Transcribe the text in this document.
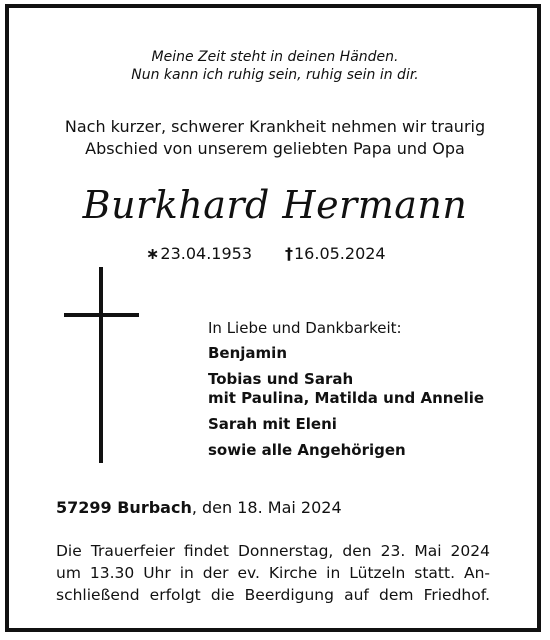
Meine Zeit steht in deinen Händen.
Nun kann ich ruhig sein, ruhig sein in dir.
Nach kurzer, schwerer Krankheit nehmen wir traurig
Abschied von unserem geliebten Papa und Opa
Burkhard Hermann
∗23.04.1953 †16.05.2024
In Liebe und Dankbarkeit:
Benjamin
Tobias und Sarah
mit Paulina, Matilda und Annelie
Sarah mit Eleni
sowie alle Angehörigen
57299 Burbach, den 18. Mai 2024
Die Trauerfeier findet Donnerstag, den 23. Mai 2024
um 13.30 Uhr in der ev. Kirche in Lützeln statt. An-
schließend erfolgt die Beerdigung auf dem Friedhof.
